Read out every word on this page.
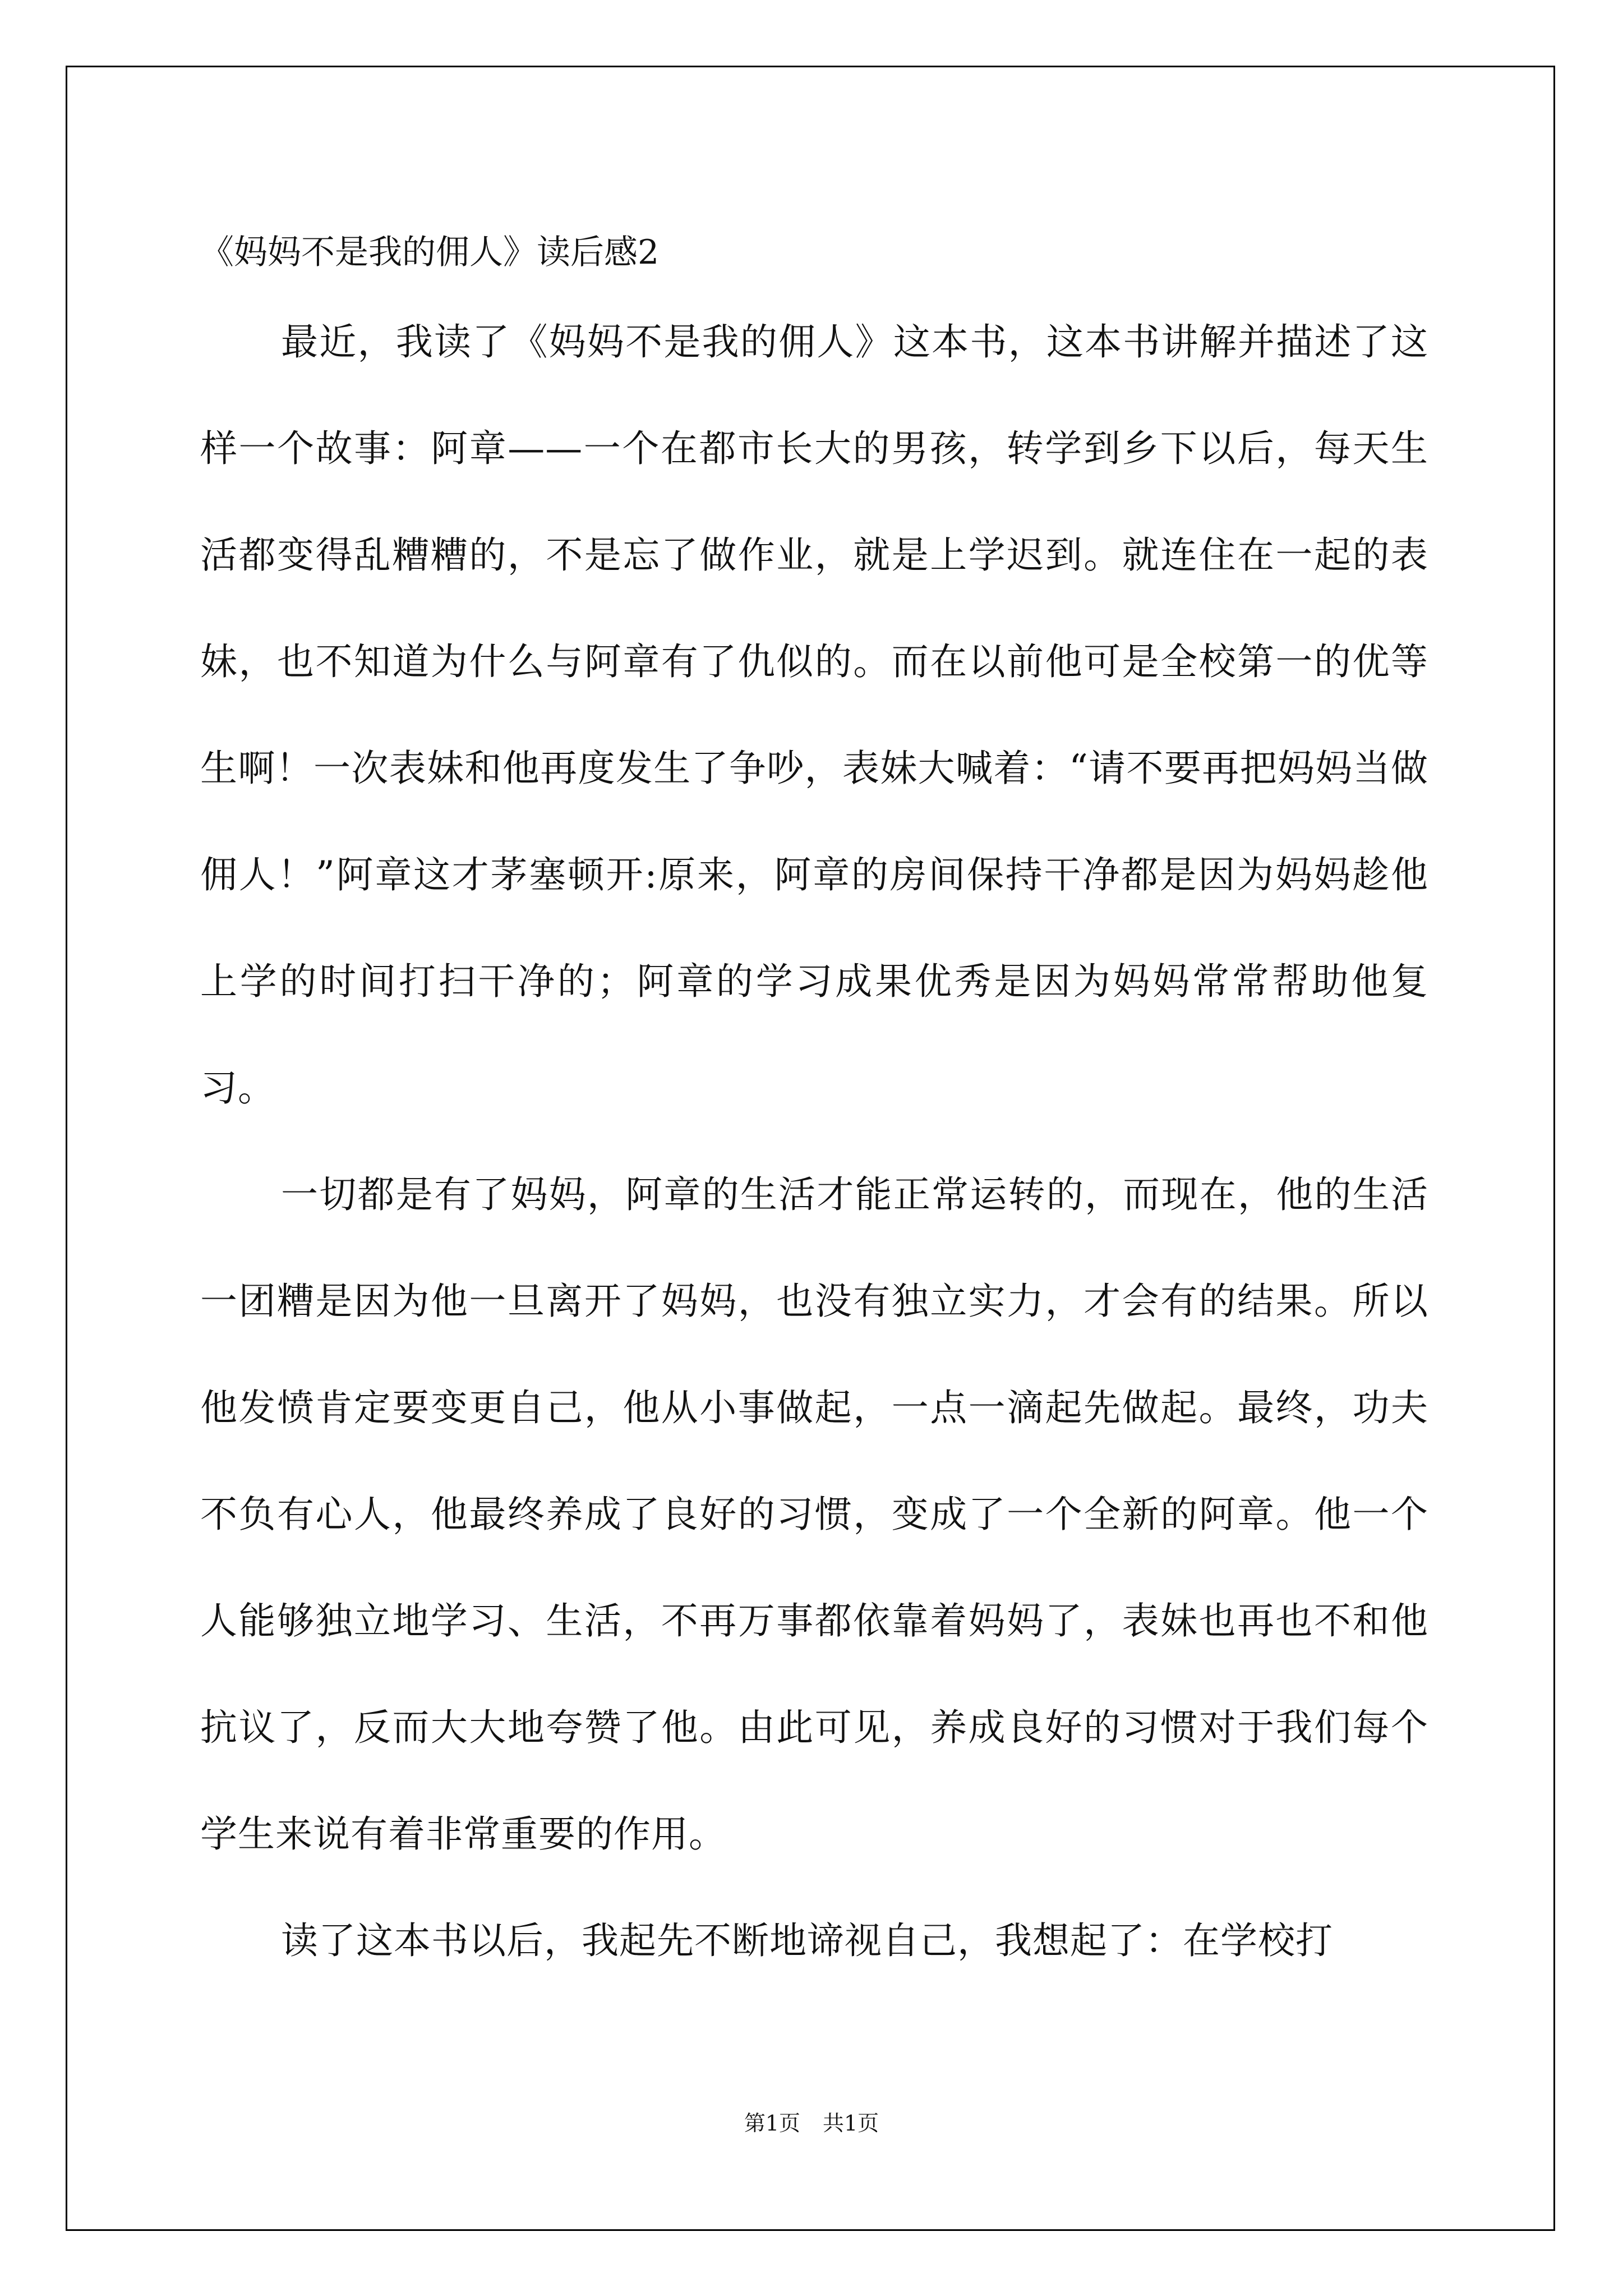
《妈妈不是我的佣人》读后感2

最近，我读了《妈妈不是我的佣人》这本书，这本书讲解并描述了这样一个故事：阿章——一个在都市长大的男孩，转学到乡下以后，每天生活都变得乱糟糟的，不是忘了做作业，就是上学迟到。就连住在一起的表妹，也不知道为什么与阿章有了仇似的。而在以前他可是全校第一的优等生啊！一次表妹和他再度发生了争吵，表妹大喊着：“请不要再把妈妈当做佣人！”阿章这才茅塞顿开:原来，阿章的房间保持干净都是因为妈妈趁他上学的时间打扫干净的；阿章的学习成果优秀是因为妈妈常常帮助他复习。

一切都是有了妈妈，阿章的生活才能正常运转的，而现在，他的生活一团糟是因为他一旦离开了妈妈，也没有独立实力，才会有的结果。所以他发愤肯定要变更自己，他从小事做起，一点一滴起先做起。最终，功夫不负有心人，他最终养成了良好的习惯，变成了一个全新的阿章。他一个人能够独立地学习、生活，不再万事都依靠着妈妈了，表妹也再也不和他抗议了，反而大大地夸赞了他。由此可见，养成良好的习惯对于我们每个学生来说有着非常重要的作用。

读了这本书以后，我起先不断地谛视自己，我想起了：在学校打

第1页 共1页
